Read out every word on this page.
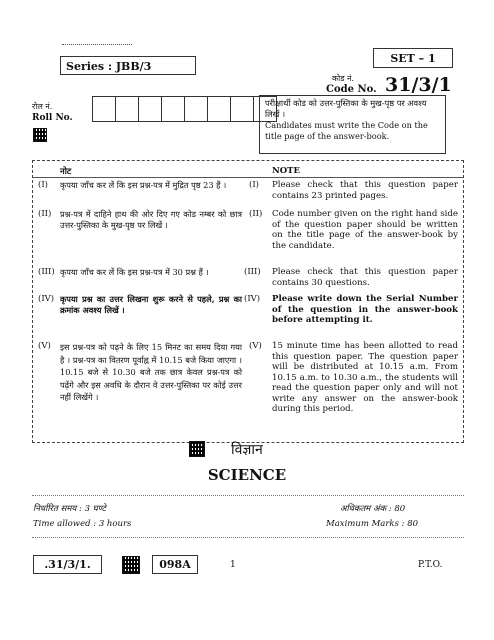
Series : JBB/3
SET – 1
कोड नं.
Code No. 31/3/1
रोल नं.
Roll No.
परीक्षार्थी कोड को उत्तर-पुस्तिका के मुख-पृष्ठ पर अवश्य लिखें ।
Candidates must write the Code on the title page of the answer-book.
नोट	NOTE
(I) कृपया जाँच कर लें कि इस प्रश्न-पत्र में मुद्रित पृष्ठ 23 हैं ।	(I) Please check that this question paper contains 23 printed pages.
(II) प्रश्न-पत्र में दाहिने हाथ की ओर दिए गए कोड नम्बर को छात्र उत्तर-पुस्तिका के मुख-पृष्ठ पर लिखें ।
(II) Code number given on the right hand side of the question paper should be written on the title page of the answer-book by the candidate.
(III) कृपया जाँच कर लें कि इस प्रश्न-पत्र में 30 प्रश्न हैं ।	(III) Please check that this question paper contains 30 questions.
(IV) कृपया प्रश्न का उत्तर लिखना शुरू करने से पहले, प्रश्न का क्रमांक अवश्य लिखें ।
(IV) Please write down the Serial Number of the question in the answer-book before attempting it.
(V) इस प्रश्न-पत्र को पढ़ने के लिए 15 मिनट का समय दिया गया है । प्रश्न-पत्र का वितरण पूर्वाह्न में 10.15 बजे किया जाएगा । 10.15 बजे से 10.30 बजे तक छात्र केवल प्रश्न-पत्र को पढ़ेंगे और इस अवधि के दौरान वे उत्तर-पुस्तिका पर कोई उत्तर नहीं लिखेंगे ।
(V) 15 minute time has been allotted to read this question paper. The question paper will be distributed at 10.15 a.m. From 10.15 a.m. to 10.30 a.m., the students will read the question paper only and will not write any answer on the answer-book during this period.
विज्ञान
SCIENCE
निर्धारित समय : 3 घण्टे
Time allowed : 3 hours
अधिकतम अंक : 80
Maximum Marks : 80
.31/3/1.	098A	1	P.T.O.
